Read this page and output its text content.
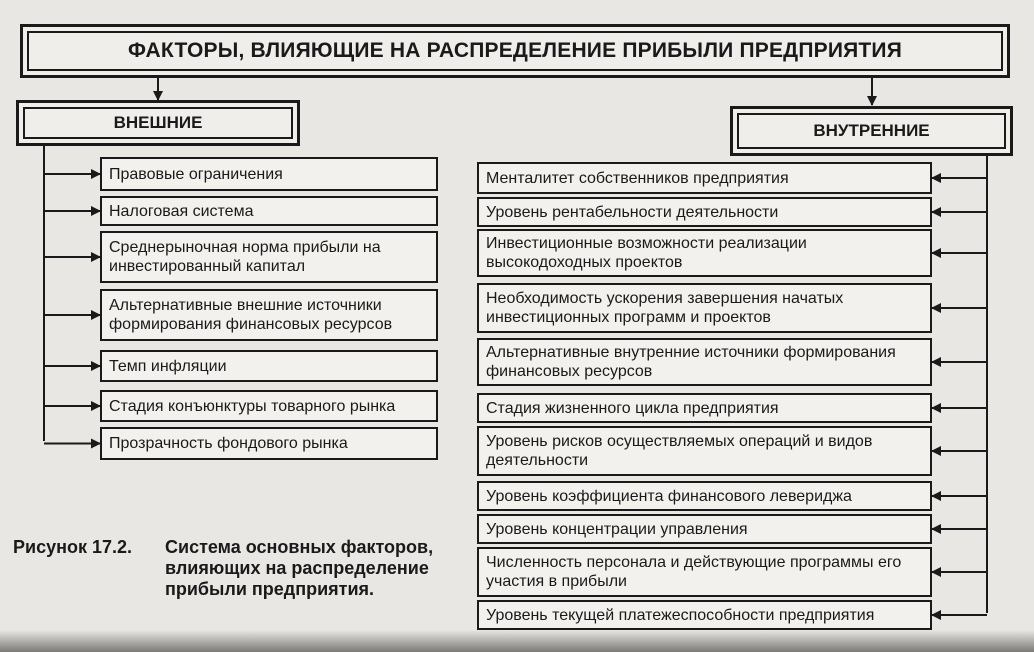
ФАКТОРЫ, ВЛИЯЮЩИЕ НА РАСПРЕДЕЛЕНИЕ ПРИБЫЛИ ПРЕДПРИЯТИЯ
ВНЕШНИЕ	ВНУТРЕННИЕ
Правовые ограничения
Налоговая система
Среднерыночная норма прибыли на инвестированный капитал
Альтернативные внешние источники формирования финансовых ресурсов
Темп инфляции
Стадия конъюнктуры товарного рынка
Прозрачность фондового рынка
Менталитет собственников предприятия
Уровень рентабельности деятельности
Инвестиционные возможности реализации высокодоходных проектов
Необходимость ускорения завершения начатых инвестиционных программ и проектов
Альтернативные внутренние источники формирования финансовых ресурсов
Стадия жизненного цикла предприятия
Уровень рисков осуществляемых операций и видов деятельности
Уровень коэффициента финансового левериджа
Уровень концентрации управления
Численность персонала и действующие программы его участия в прибыли
Уровень текущей платежеспособности предприятия
Рисунок 17.2.	Система основных факторов, влияющих на распределение прибыли предприятия.
